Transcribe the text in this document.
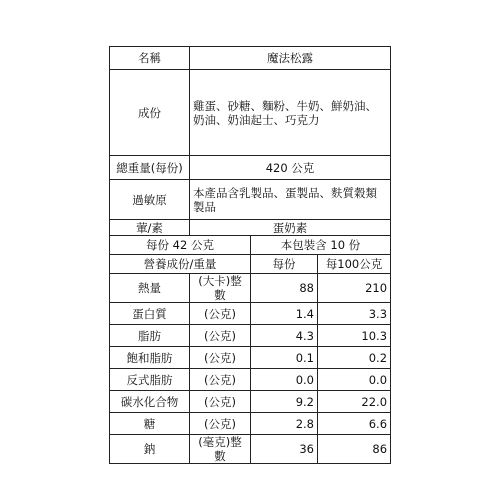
名稱	魔法松露		
成份	雞蛋、砂糖、麵粉、牛奶、鮮奶油、奶油、奶油起士、巧克力		
總重量(每份)	420 公克		
過敏原	本產品含乳製品、蛋製品、麩質穀類製品		
葷/素	蛋奶素		
每份 42 公克		本包裝含 10 份	
營養成份/重量		每份	每100公克
熱量	(大卡)整數	88	210
蛋白質	(公克)	1.4	3.3
脂肪	(公克)	4.3	10.3
飽和脂肪	(公克)	0.1	0.2
反式脂肪	(公克)	0.0	0.0
碳水化合物	(公克)	9.2	22.0
糖	(公克)	2.8	6.6
鈉	(毫克)整數	36	86
